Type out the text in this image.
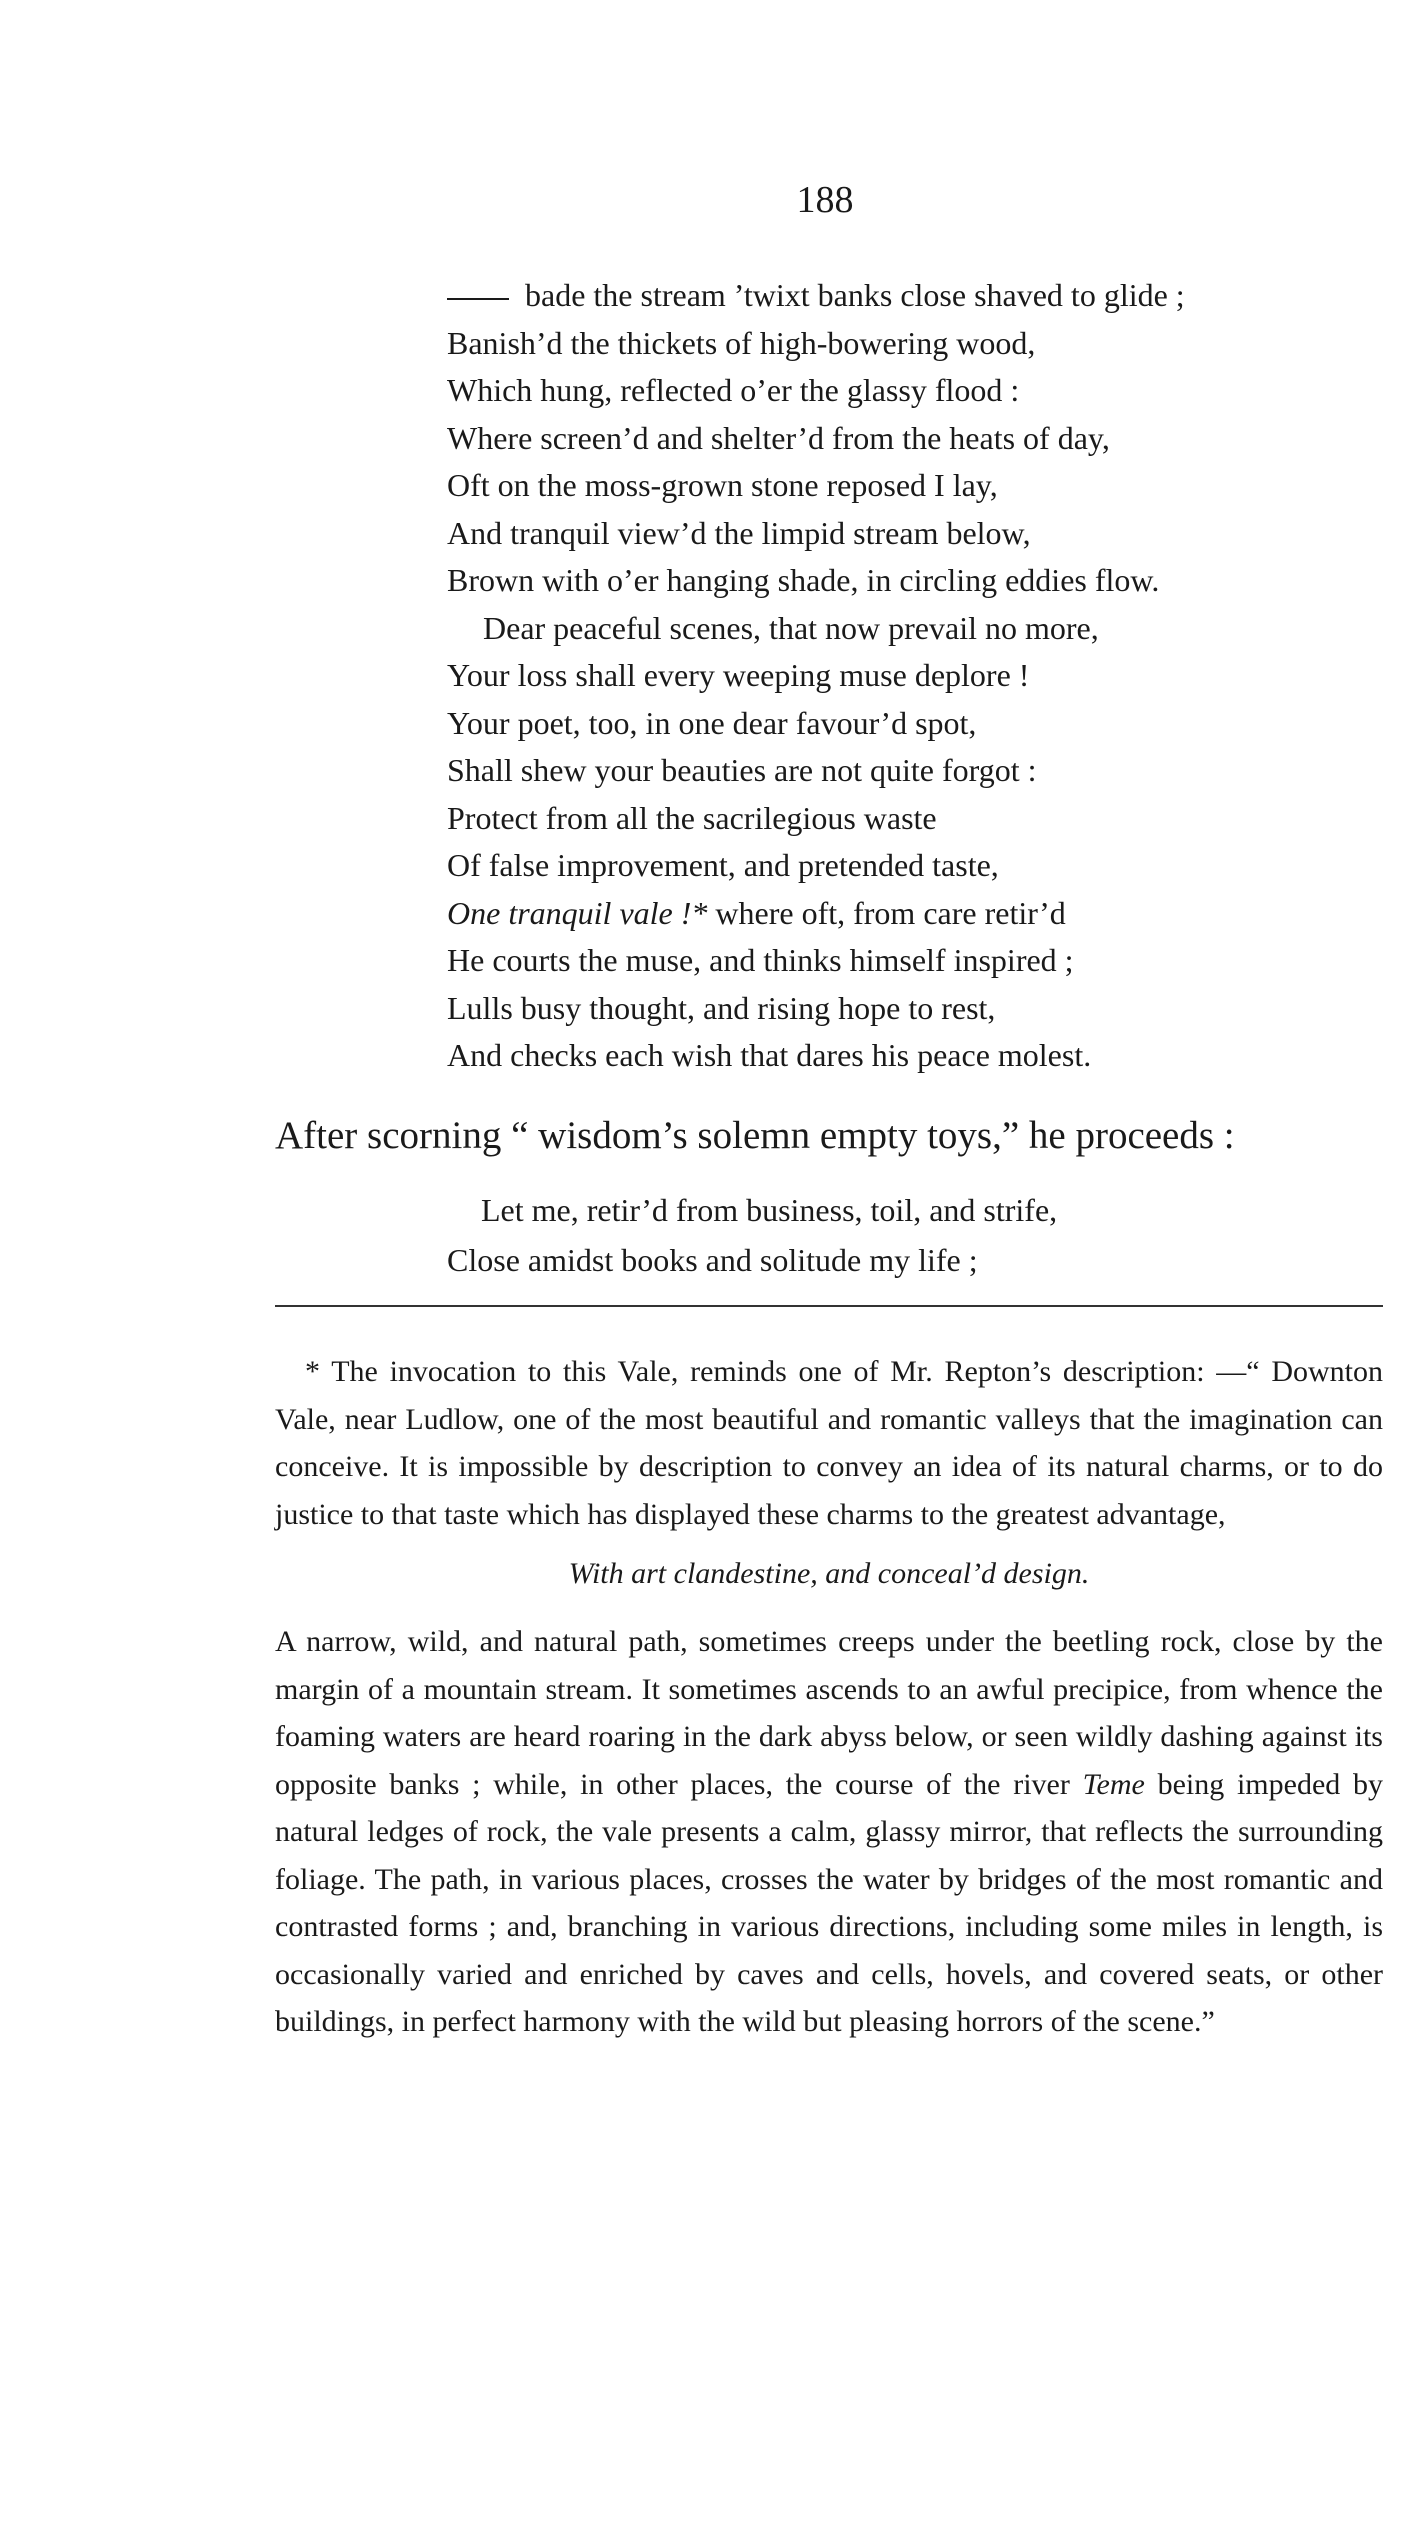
188
bade the stream ’twixt banks close shaved to glide ;
Banish’d the thickets of high-bowering wood,
Which hung, reflected o’er the glassy flood :
Where screen’d and shelter’d from the heats of day,
Oft on the moss-grown stone reposed I lay,
And tranquil view’d the limpid stream below,
Brown with o’er hanging shade, in circling eddies flow.
Dear peaceful scenes, that now prevail no more,
Your loss shall every weeping muse deplore !
Your poet, too, in one dear favour’d spot,
Shall shew your beauties are not quite forgot :
Protect from all the sacrilegious waste
Of false improvement, and pretended taste,
One tranquil vale !* where oft, from care retir’d
He courts the muse, and thinks himself inspired ;
Lulls busy thought, and rising hope to rest,
And checks each wish that dares his peace molest.
After scorning “ wisdom’s solemn empty toys,” he proceeds :
Let me, retir’d from business, toil, and strife,
Close amidst books and solitude my life ;

* The invocation to this Vale, reminds one of Mr. Repton’s description: —“ Downton Vale, near Ludlow, one of the most beautiful and romantic valleys that the imagination can conceive. It is impossible by description to convey an idea of its natural charms, or to do justice to that taste which has displayed these charms to the greatest advantage,

With art clandestine, and conceal’d design.

A narrow, wild, and natural path, sometimes creeps under the beetling rock, close by the margin of a mountain stream. It sometimes ascends to an awful precipice, from whence the foaming waters are heard roaring in the dark abyss below, or seen wildly dashing against its opposite banks ; while, in other places, the course of the river Teme being impeded by natural ledges of rock, the vale presents a calm, glassy mirror, that reflects the surrounding foliage. The path, in various places, crosses the water by bridges of the most romantic and contrasted forms ; and, branching in various directions, including some miles in length, is occasionally varied and enriched by caves and cells, hovels, and covered seats, or other buildings, in perfect harmony with the wild but pleasing horrors of the scene.”
